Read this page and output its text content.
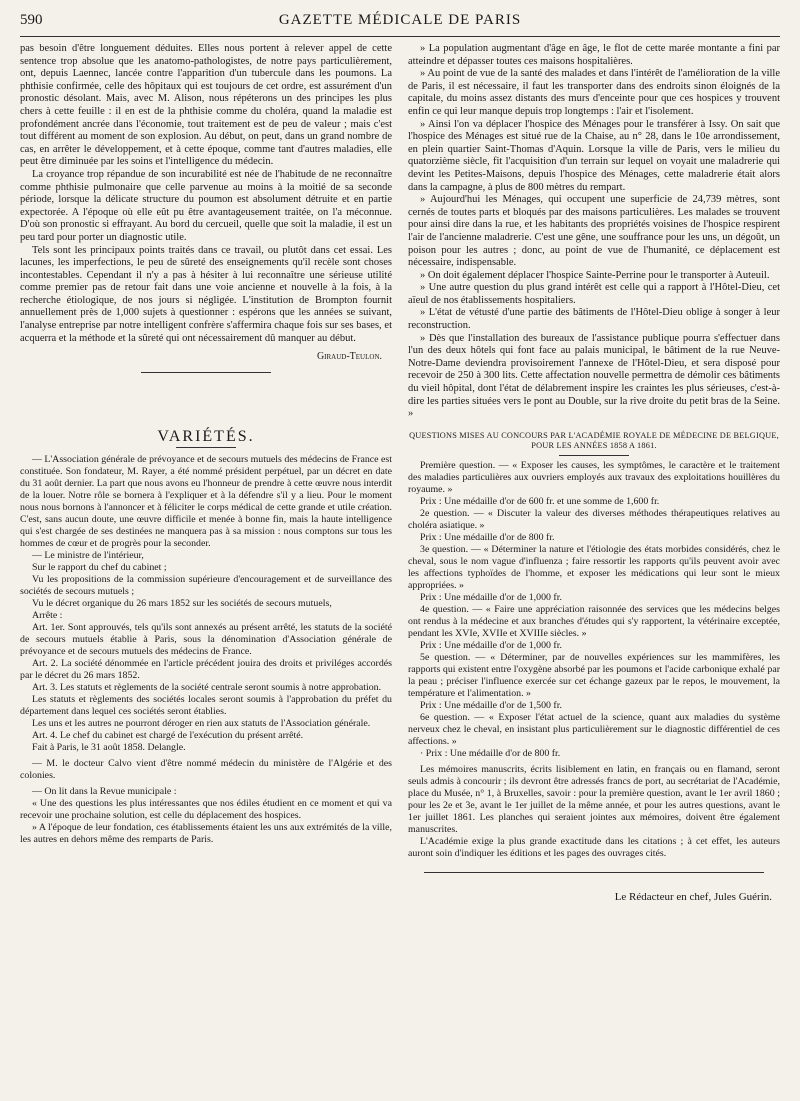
590	GAZETTE MÉDICALE DE PARIS

pas besoin d'être longuement déduites. Elles nous portent à relever appel de cette sentence trop absolue que les anatomo-pathologistes, de notre pays particulièrement, ont, depuis Laennec, lancée contre l'apparition d'un tubercule dans les poumons. La phthisie confirmée, celle des hôpitaux qui est toujours de cet ordre, est assurément d'un pronostic désolant. Mais, avec M. Alison, nous répéterons un des principes les plus chers à cette feuille : il en est de la phthisie comme du choléra, quand la maladie est profondément ancrée dans l'économie, tout traitement est de peu de valeur ; mais c'est tout différent au moment de son explosion. Au début, on peut, dans un grand nombre de cas, en arrêter le développement, et à cette époque, comme tant d'autres maladies, elle peut être diminuée par les soins et l'intelligence du médecin.

La croyance trop répandue de son incurabilité est née de l'habitude de ne reconnaître comme phthisie pulmonaire que celle parvenue au moins à la moitié de sa seconde période, lorsque la délicate structure du poumon est absolument détruite et en partie expectorée. A l'époque où elle eût pu être avantageusement traitée, on l'a méconnue. D'où son pronostic si effrayant. Au bord du cercueil, quelle que soit la maladie, il est un peu tard pour porter un diagnostic utile.

Tels sont les principaux points traités dans ce travail, ou plutôt dans cet essai. Les lacunes, les imperfections, le peu de sûreté des enseignements qu'il recèle sont choses incontestables. Cependant il n'y a pas à hésiter à lui reconnaître une sérieuse utilité comme premier pas de retour fait dans une voie ancienne et nouvelle à la fois, à la recherche étiologique, de nos jours si négligée. L'institution de Brompton fournit annuellement près de 1,000 sujets à questionner : espérons que les années se suivant, l'analyse entreprise par notre intelligent confrère s'affermira chaque fois sur ses bases, et acquerra et la méthode et la sûreté qui ont nécessairement dû manquer au début.

Giraud-Teulon.
VARIÉTÉS.

— L'Association générale de prévoyance et de secours mutuels des médecins de France est constituée. Son fondateur, M. Rayer, a été nommé président perpétuel, par un décret en date du 31 août dernier. La part que nous avons eu l'honneur de prendre à cette œuvre nous interdit de la louer. Notre rôle se bornera à l'expliquer et à la défendre s'il y a lieu. Pour le moment nous nous bornons à l'annoncer et à féliciter le corps médical de cette grande et utile création. C'est, sans aucun doute, une œuvre difficile et menée à bonne fin, mais la haute intelligence qui s'est chargée de ses destinées ne manquera pas à sa mission : nous comptons sur tous les hommes de cœur et de progrès pour la seconder.

— Le ministre de l'intérieur,

Sur le rapport du chef du cabinet ;

Vu les propositions de la commission supérieure d'encouragement et de surveillance des sociétés de secours mutuels ;

Vu le décret organique du 26 mars 1852 sur les sociétés de secours mutuels,

Arrête :

Art. 1er. Sont approuvés, tels qu'ils sont annexés au présent arrêté, les statuts de la société de secours mutuels établie à Paris, sous la dénomination d'Association générale de prévoyance et de secours mutuels des médecins de France.

Art. 2. La société dénommée en l'article précédent jouira des droits et priviléges accordés par le décret du 26 mars 1852.

Art. 3. Les statuts et règlements de la société centrale seront soumis à notre approbation.

Les statuts et règlements des sociétés locales seront soumis à l'approbation du préfet du département dans lequel ces sociétés seront établies.

Les uns et les autres ne pourront déroger en rien aux statuts de l'Association générale.

Art. 4. Le chef du cabinet est chargé de l'exécution du présent arrêté.

Fait à Paris, le 31 août 1858. Delangle.

— M. le docteur Calvo vient d'être nommé médecin du ministère de l'Algérie et des colonies.

— On lit dans la Revue municipale :

« Une des questions les plus intéressantes que nos édiles étudient en ce moment et qui va recevoir une prochaine solution, est celle du déplacement des hospices.

» A l'époque de leur fondation, ces établissements étaient les uns aux extrémités de la ville, les autres en dehors même des remparts de Paris.

» La population augmentant d'âge en âge, le flot de cette marée montante a fini par atteindre et dépasser toutes ces maisons hospitalières.

» Au point de vue de la santé des malades et dans l'intérêt de l'amélioration de la ville de Paris, il est nécessaire, il faut les transporter dans des endroits sinon éloignés de la capitale, du moins assez distants des murs d'enceinte pour que ces hospices y trouvent enfin ce qui leur manque depuis trop longtemps : l'air et l'isolement.

» Ainsi l'on va déplacer l'hospice des Ménages pour le transférer à Issy. On sait que l'hospice des Ménages est situé rue de la Chaise, au n° 28, dans le 10e arrondissement, en plein quartier Saint-Thomas d'Aquin. Lorsque la ville de Paris, vers le milieu du quatorzième siècle, fit l'acquisition d'un terrain sur lequel on voyait une maladrerie qui devint les Petites-Maisons, depuis l'hospice des Ménages, cette maladrerie était alors dans la campagne, à plus de 800 mètres du rempart.

» Aujourd'hui les Ménages, qui occupent une superficie de 24,739 mètres, sont cernés de toutes parts et bloqués par des maisons particulières. Les malades se trouvent pour ainsi dire dans la rue, et les habitants des propriétés voisines de l'hospice respirent l'air de l'ancienne maladrerie. C'est une gêne, une souffrance pour les uns, un dégoût, un poison pour les autres ; donc, au point de vue de l'humanité, ce déplacement est nécessaire, indispensable.

» On doit également déplacer l'hospice Sainte-Perrine pour le transporter à Auteuil.

» Une autre question du plus grand intérêt est celle qui a rapport à l'Hôtel-Dieu, cet aïeul de nos établissements hospitaliers.

» L'état de vétusté d'une partie des bâtiments de l'Hôtel-Dieu oblige à songer à leur reconstruction.

» Dès que l'installation des bureaux de l'assistance publique pourra s'effectuer dans l'un des deux hôtels qui font face au palais municipal, le bâtiment de la rue Neuve-Notre-Dame deviendra provisoirement l'annexe de l'Hôtel-Dieu, et sera disposé pour recevoir de 250 à 300 lits. Cette affectation nouvelle permettra de démolir ces bâtiments du vieil hôpital, dont l'état de délabrement inspire les craintes les plus sérieuses, c'est-à-dire les parties situées vers le pont au Double, sur la rive droite du petit bras de la Seine. »

QUESTIONS MISES AU CONCOURS PAR L'ACADÉMIE ROYALE DE MÉDECINE DE BELGIQUE, POUR LES ANNÉES 1858 A 1861.

Première question. — « Exposer les causes, les symptômes, le caractère et le traitement des maladies particulières aux ouvriers employés aux travaux des exploitations houillères du royaume. »

Prix : Une médaille d'or de 600 fr. et une somme de 1,600 fr.

2e question. — « Discuter la valeur des diverses méthodes thérapeutiques relatives au choléra asiatique. »

Prix : Une médaille d'or de 800 fr.

3e question. — « Déterminer la nature et l'étiologie des états morbides considérés, chez le cheval, sous le nom vague d'influenza ; faire ressortir les rapports qu'ils peuvent avoir avec les affections typhoïdes de l'homme, et exposer les médications qui leur sont le mieux appropriées. »

Prix : Une médaille d'or de 1,000 fr.

4e question. — « Faire une appréciation raisonnée des services que les médecins belges ont rendus à la médecine et aux branches d'études qui s'y rapportent, la vétérinaire exceptée, pendant les XVIe, XVIIe et XVIIIe siècles. »

Prix : Une médaille d'or de 1,000 fr.

5e question. — « Déterminer, par de nouvelles expériences sur les mammifères, les rapports qui existent entre l'oxygène absorbé par les poumons et l'acide carbonique exhalé par la peau ; préciser l'influence exercée sur cet échange gazeux par le repos, le mouvement, la température et l'alimentation. »

Prix : Une médaille d'or de 1,500 fr.

6e question. — « Exposer l'état actuel de la science, quant aux maladies du système nerveux chez le cheval, en insistant plus particulièrement sur le diagnostic différentiel de ces affections. »

· Prix : Une médaille d'or de 800 fr.

Les mémoires manuscrits, écrits lisiblement en latin, en français ou en flamand, seront seuls admis à concourir ; ils devront être adressés francs de port, au secrétariat de l'Académie, place du Musée, n° 1, à Bruxelles, savoir : pour la première question, avant le 1er avril 1860 ; pour les 2e et 3e, avant le 1er juillet de la même année, et pour les autres questions, avant le 1er juillet 1861. Les planches qui seraient jointes aux mémoires, doivent être également manuscrites.

L'Académie exige la plus grande exactitude dans les citations ; à cet effet, les auteurs auront soin d'indiquer les éditions et les pages des ouvrages cités.

Le Rédacteur en chef, Jules Guérin.
